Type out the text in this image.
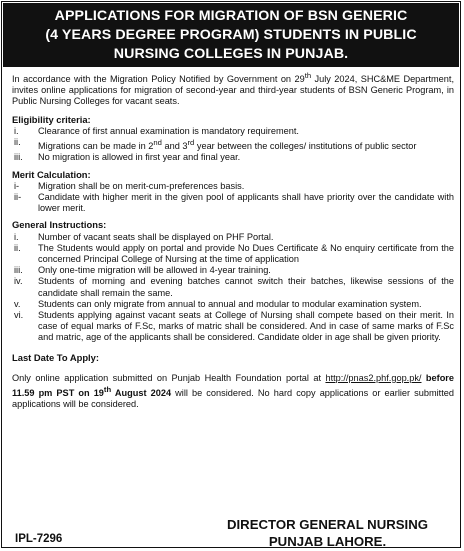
APPLICATIONS FOR MIGRATION OF BSN GENERIC
(4 YEARS DEGREE PROGRAM) STUDENTS IN PUBLIC
NURSING COLLEGES IN PUNJAB.

In accordance with the Migration Policy Notified by Government on 29th July 2024, SHC&ME Department, invites online applications for migration of second-year and third-year students of BSN Generic Program, in Public Nursing Colleges for vacant seats.

Eligibility criteria:
i.	Clearance of first annual examination is mandatory requirement.
ii.	Migrations can be made in 2nd and 3rd year between the colleges/ institutions of public sector
iii.	No migration is allowed in first year and final year.
Merit Calculation:
i-	Migration shall be on merit-cum-preferences basis.
ii-	Candidate with higher merit in the given pool of applicants shall have priority over the candidate with lower merit.
General Instructions:
i.	Number of vacant seats shall be displayed on PHF Portal.
ii.	The Students would apply on portal and provide No Dues Certificate & No enquiry certificate from the concerned Principal College of Nursing at the time of application
iii.	Only one-time migration will be allowed in 4-year training.
iv.	Students of morning and evening batches cannot switch their batches, likewise sessions of the candidate shall remain the same.
v.	Students can only migrate from annual to annual and modular to modular examination system.
vi.	Students applying against vacant seats at College of Nursing shall compete based on their merit. In case of equal marks of F.Sc, marks of matric shall be considered. And in case of same marks of F.Sc and matric, age of the applicants shall be considered. Candidate older in age shall be given priority.
Last Date To Apply:

Only online application submitted on Punjab Health Foundation portal at http://pnas2.phf.gop.pk/ before 11.59 pm PST on 19th August 2024 will be considered. No hard copy applications or earlier submitted applications will be considered.

IPL-7296
DIRECTOR GENERAL NURSING
PUNJAB LAHORE.
